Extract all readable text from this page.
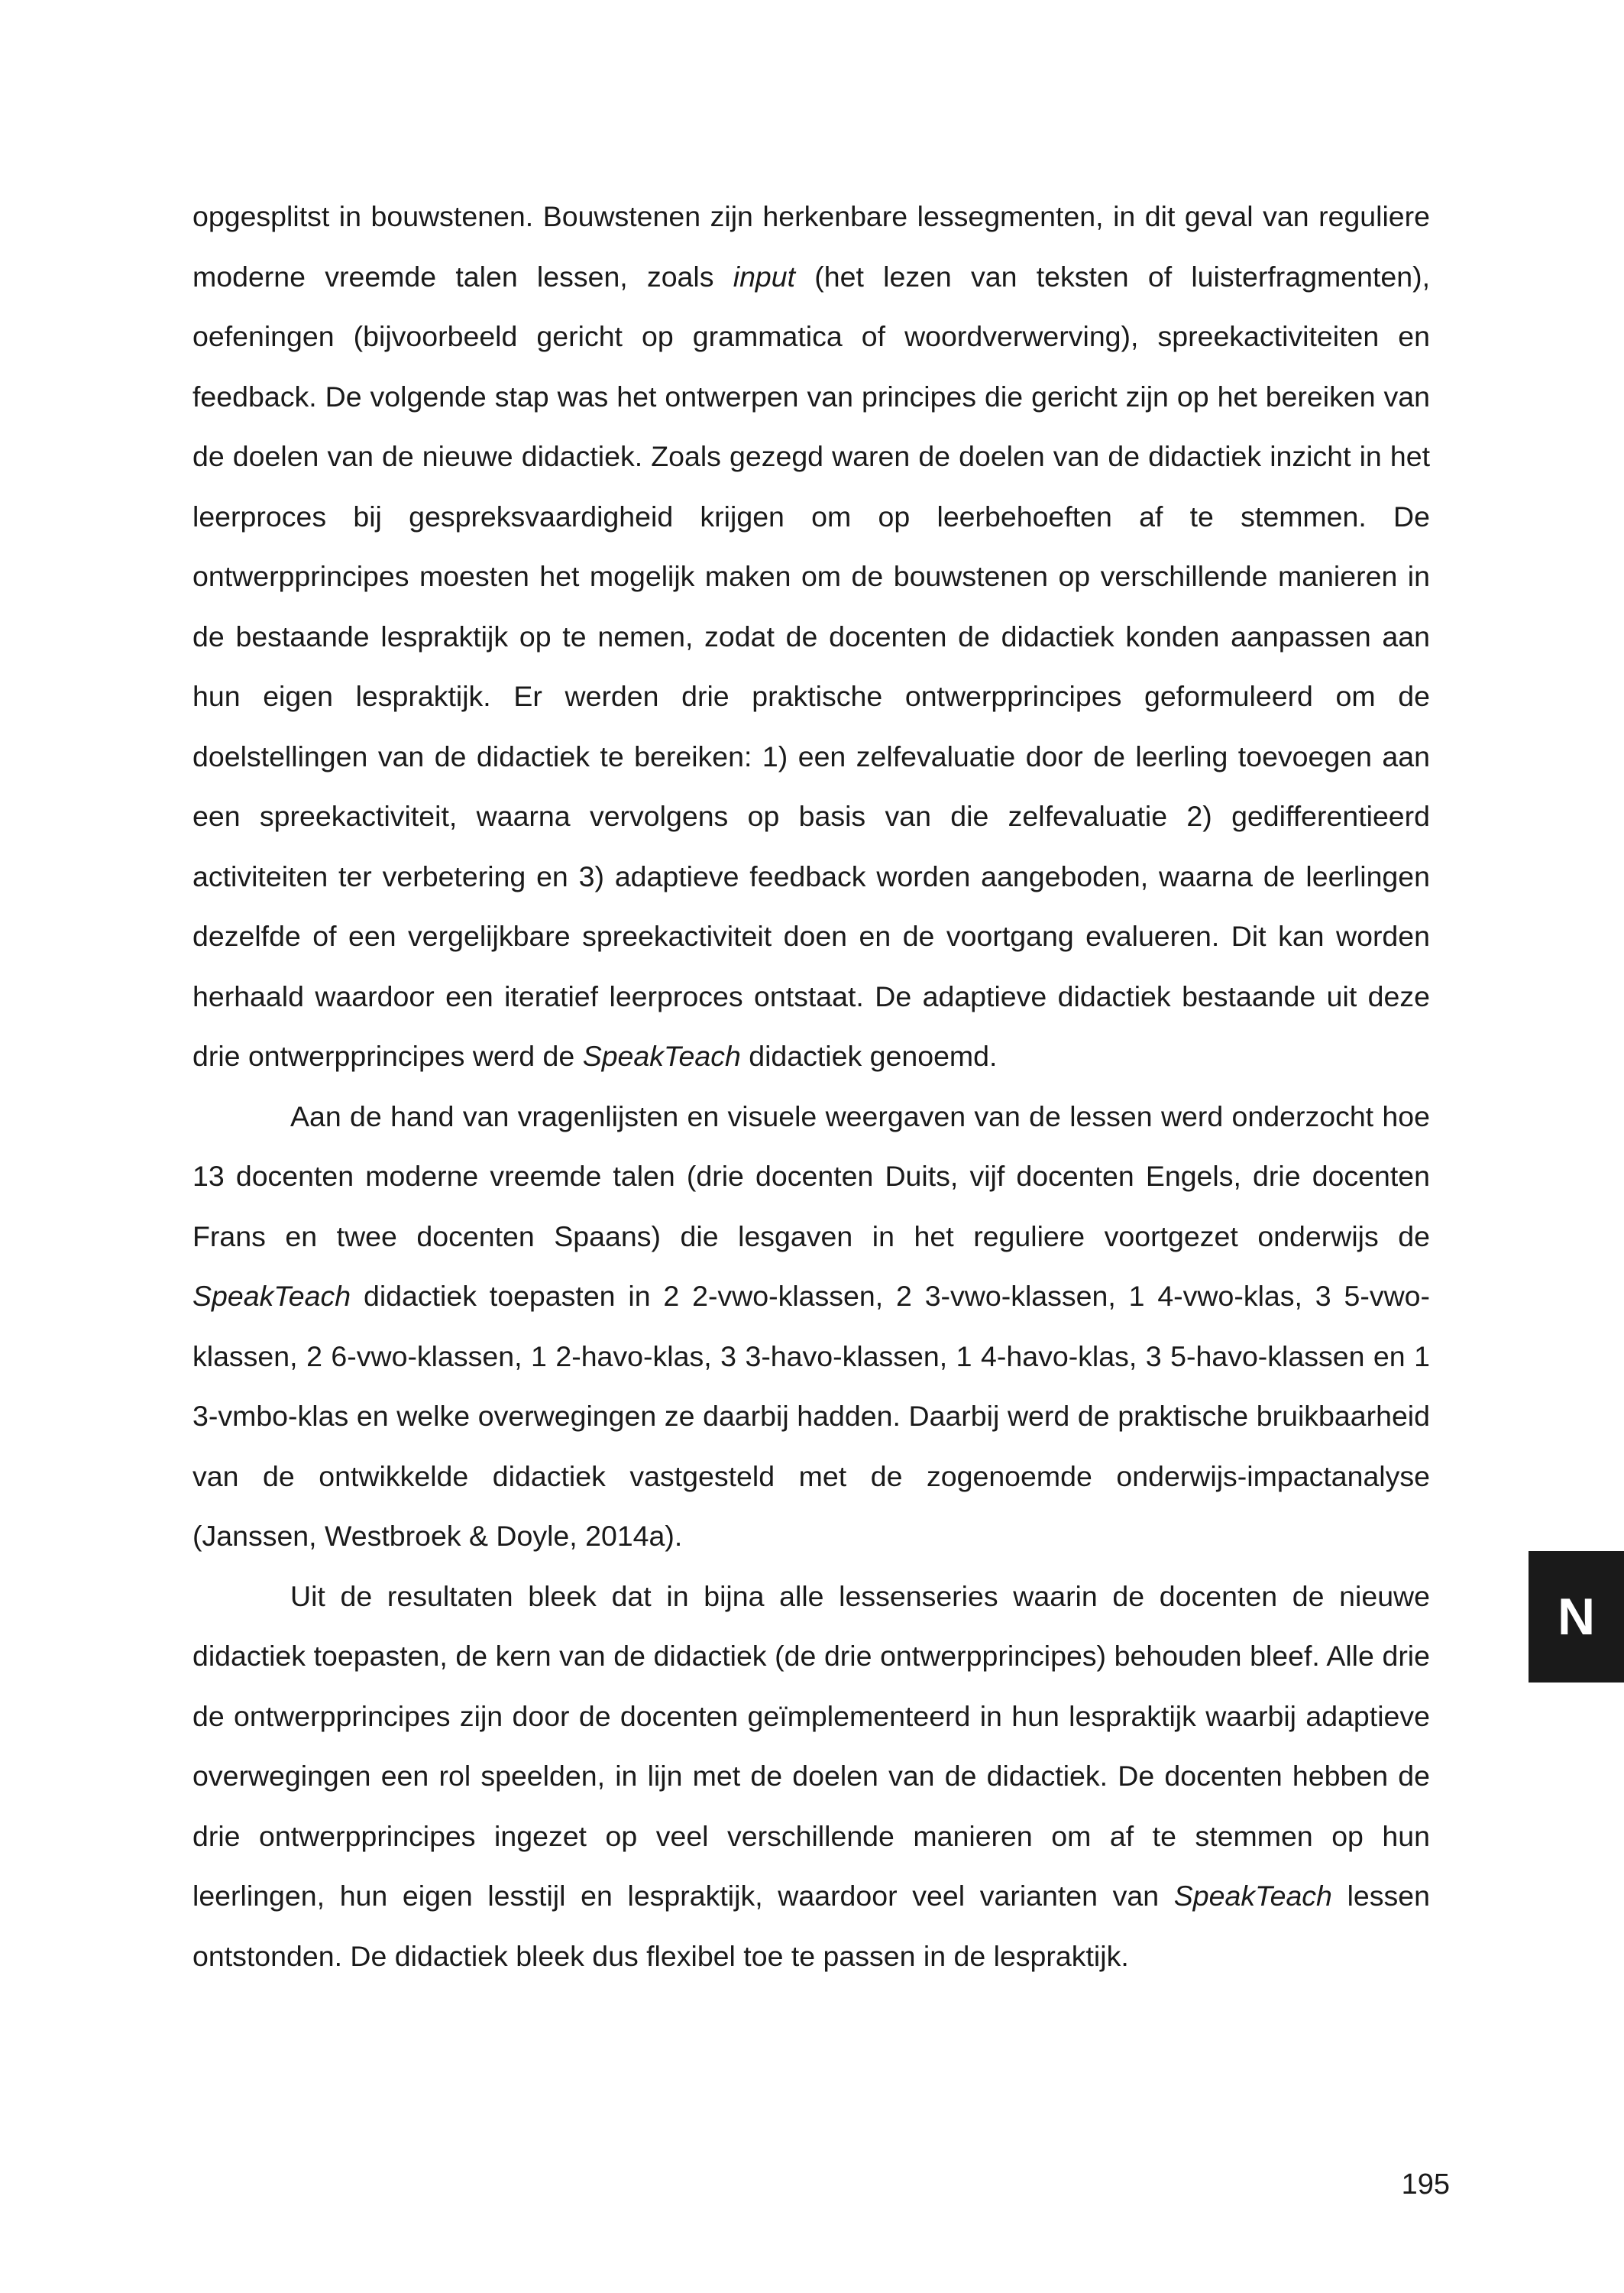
opgesplitst in bouwstenen. Bouwstenen zijn herkenbare lessegmenten, in dit geval van reguliere moderne vreemde talen lessen, zoals input (het lezen van teksten of luisterfragmenten), oefeningen (bijvoorbeeld gericht op grammatica of woordverwerving), spreekactiviteiten en feedback. De volgende stap was het ontwerpen van principes die gericht zijn op het bereiken van de doelen van de nieuwe didactiek. Zoals gezegd waren de doelen van de didactiek inzicht in het leerproces bij gespreksvaardigheid krijgen om op leerbehoeften af te stemmen. De ontwerpprincipes moesten het mogelijk maken om de bouwstenen op verschillende manieren in de bestaande lespraktijk op te nemen, zodat de docenten de didactiek konden aanpassen aan hun eigen lespraktijk. Er werden drie praktische ontwerpprincipes geformuleerd om de doelstellingen van de didactiek te bereiken: 1) een zelfevaluatie door de leerling toevoegen aan een spreekactiviteit, waarna vervolgens op basis van die zelfevaluatie 2) gedifferentieerd activiteiten ter verbetering en 3) adaptieve feedback worden aangeboden, waarna de leerlingen dezelfde of een vergelijkbare spreekactiviteit doen en de voortgang evalueren. Dit kan worden herhaald waardoor een iteratief leerproces ontstaat. De adaptieve didactiek bestaande uit deze drie ontwerpprincipes werd de SpeakTeach didactiek genoemd.

Aan de hand van vragenlijsten en visuele weergaven van de lessen werd onderzocht hoe 13 docenten moderne vreemde talen (drie docenten Duits, vijf docenten Engels, drie docenten Frans en twee docenten Spaans) die lesgaven in het reguliere voortgezet onderwijs de SpeakTeach didactiek toepasten in 2 2-vwo-klassen, 2 3-vwo-klassen, 1 4-vwo-klas, 3 5-vwo-klassen, 2 6-vwo-klassen, 1 2-havo-klas, 3 3-havo-klassen, 1 4-havo-klas, 3 5-havo-klassen en 1 3-vmbo-klas en welke overwegingen ze daarbij hadden. Daarbij werd de praktische bruikbaarheid van de ontwikkelde didactiek vastgesteld met de zogenoemde onderwijs-impactanalyse (Janssen, Westbroek & Doyle, 2014a).

Uit de resultaten bleek dat in bijna alle lessenseries waarin de docenten de nieuwe didactiek toepasten, de kern van de didactiek (de drie ontwerpprincipes) behouden bleef. Alle drie de ontwerpprincipes zijn door de docenten geïmplementeerd in hun lespraktijk waarbij adaptieve overwegingen een rol speelden, in lijn met de doelen van de didactiek. De docenten hebben de drie ontwerpprincipes ingezet op veel verschillende manieren om af te stemmen op hun leerlingen, hun eigen lesstijl en lespraktijk, waardoor veel varianten van SpeakTeach lessen ontstonden. De didactiek bleek dus flexibel toe te passen in de lespraktijk.

N
195
